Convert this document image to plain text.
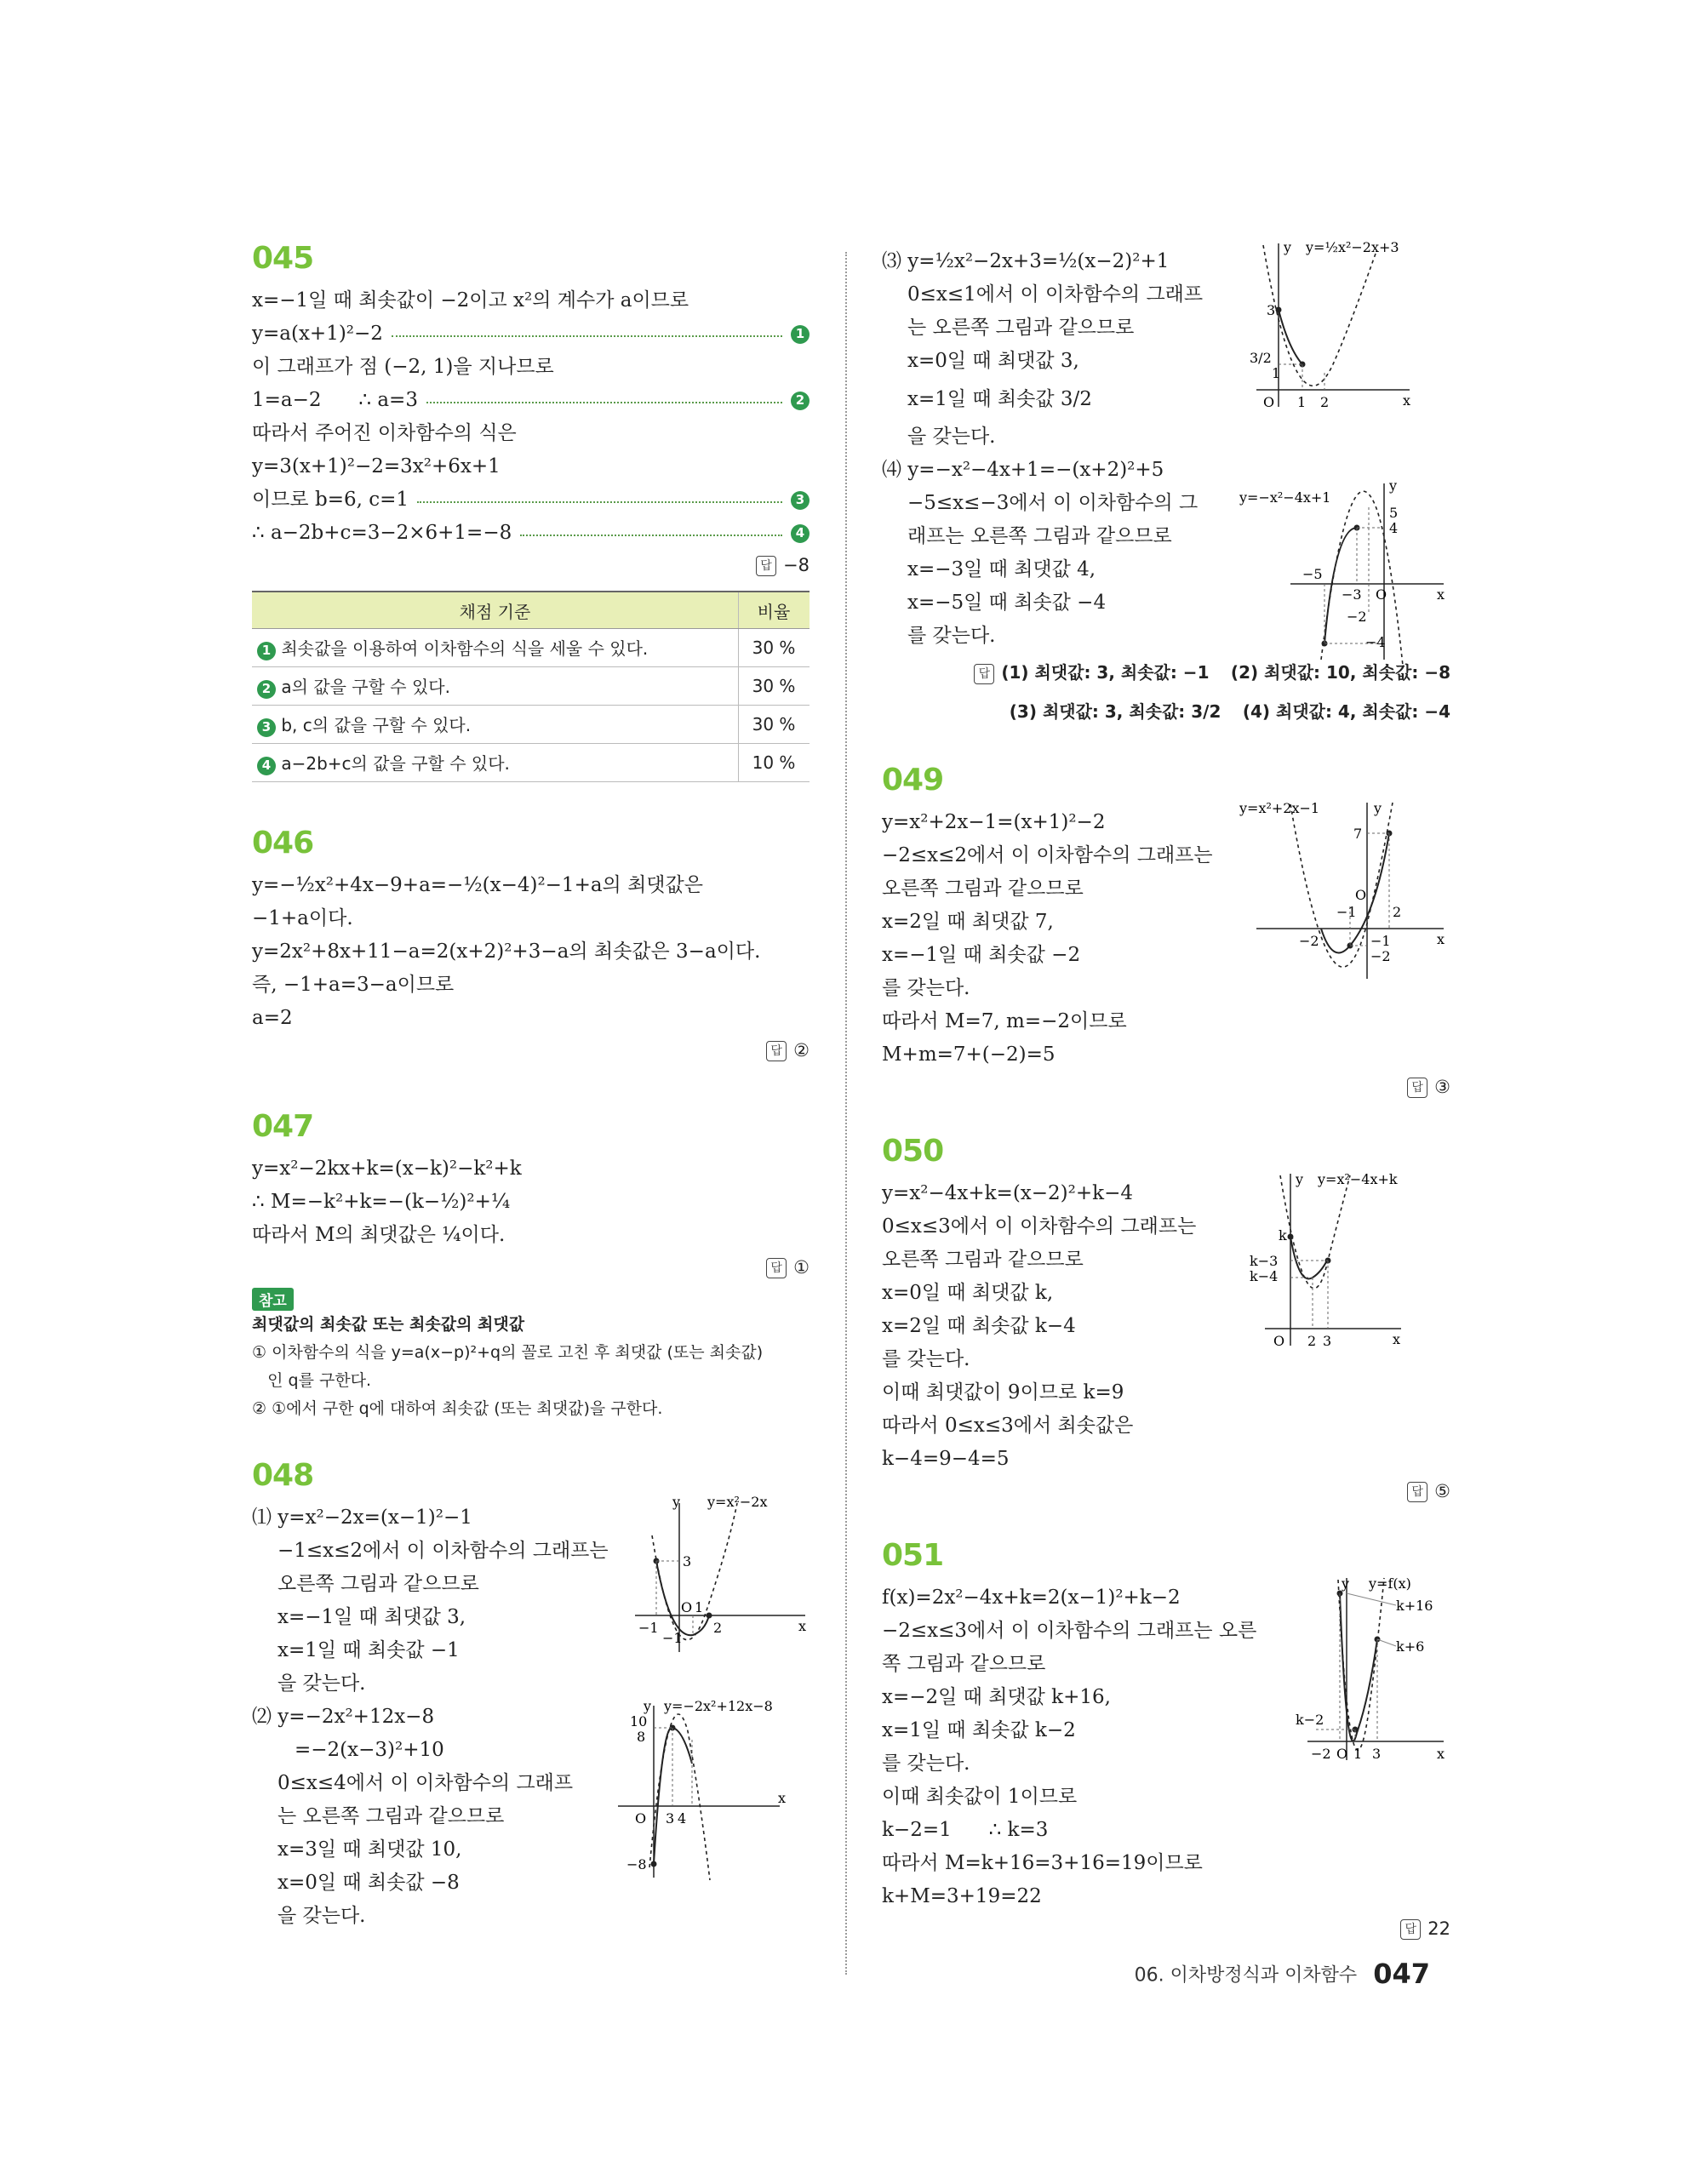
045
x=−1일 때 최솟값이 −2이고 x²의 계수가 a이므로
y=a(x+1)²−2	1
이 그래프가 점 (−2, 1)을 지나므로
1=a−2      ∴ a=3	2
따라서 주어진 이차함수의 식은
y=3(x+1)²−2=3x²+6x+1
이므로 b=6, c=1	3
∴ a−2b+c=3−2×6+1=−8	4
답 −8
채점 기준	비율
1 최솟값을 이용하여 이차함수의 식을 세울 수 있다.	30 %
2 a의 값을 구할 수 있다.	30 %
3 b, c의 값을 구할 수 있다.	30 %
4 a−2b+c의 값을 구할 수 있다.	10 %
046
y=−½x²+4x−9+a=−½(x−4)²−1+a의 최댓값은
−1+a이다.
y=2x²+8x+11−a=2(x+2)²+3−a의 최솟값은 3−a이다.
즉, −1+a=3−a이므로
a=2
답 ②
047
y=x²−2kx+k=(x−k)²−k²+k
∴ M=−k²+k=−(k−½)²+¼
따라서 M의 최댓값은 ¼이다.
답 ①
참고
최댓값의 최솟값 또는 최솟값의 최댓값
① 이차함수의 식을 y=a(x−p)²+q의 꼴로 고친 후 최댓값 (또는 최솟값)
인 q를 구한다.
② ①에서 구한 q에 대하여 최솟값 (또는 최댓값)을 구한다.
048
⑴ y=x²−2x=(x−1)²−1
−1≤x≤2에서 이 이차함수의 그래프는
오른쪽 그림과 같으므로
x=−1일 때 최댓값 3,
x=1일 때 최솟값 −1
을 갖는다.
⑵ y=−2x²+12x−8
=−2(x−3)²+10
0≤x≤4에서 이 이차함수의 그래프
는 오른쪽 그림과 같으므로
x=3일 때 최댓값 10,
x=0일 때 최솟값 −8
을 갖는다.
y y=x²−2x
x
O
3
1
−1
−1
2
y y=−2x²+12x−8
x
O
10
8
−8
3 4
⑶ y=½x²−2x+3=½(x−2)²+1
0≤x≤1에서 이 이차함수의 그래프
는 오른쪽 그림과 같으므로
x=0일 때 최댓값 3,
x=1일 때 최솟값 3/2
을 갖는다.
⑷ y=−x²−4x+1=−(x+2)²+5
−5≤x≤−3에서 이 이차함수의 그
래프는 오른쪽 그림과 같으므로
x=−3일 때 최댓값 4,
x=−5일 때 최솟값 −4
를 갖는다.
답 (1) 최댓값: 3, 최솟값: −1 (2) 최댓값: 10, 최솟값: −8
(3) 최댓값: 3, 최솟값: 3/2 (4) 최댓값: 4, 최솟값: −4
y y=½x²−2x+3
x
O
3
3/2
1
1 2
y
y=−x²−4x+1
x
O
5
4
−5
−3
−2
−4
049
y=x²+2x−1=(x+1)²−2
−2≤x≤2에서 이 이차함수의 그래프는
오른쪽 그림과 같으므로
x=2일 때 최댓값 7,
x=−1일 때 최솟값 −2
를 갖는다.
따라서 M=7, m=−2이므로
M+m=7+(−2)=5
답 ③
y
y=x²+2x−1
x
O
7
−1	2
−2	−1
−2
050
y=x²−4x+k=(x−2)²+k−4
0≤x≤3에서 이 이차함수의 그래프는
오른쪽 그림과 같으므로
x=0일 때 최댓값 k,
x=2일 때 최솟값 k−4
를 갖는다.
이때 최댓값이 9이므로 k=9
따라서 0≤x≤3에서 최솟값은
k−4=9−4=5
답 ⑤
y y=x²−4x+k
x
O
k
k−3
k−4
2 3
051
f(x)=2x²−4x+k=2(x−1)²+k−2
−2≤x≤3에서 이 이차함수의 그래프는 오른
쪽 그림과 같으므로
x=−2일 때 최댓값 k+16,
x=1일 때 최솟값 k−2
를 갖는다.
이때 최솟값이 1이므로
k−2=1      ∴ k=3
따라서 M=k+16=3+16=19이므로
k+M=3+19=22
답 22
y y=f(x)
x
O
k+16
k+6
k−2
−2 1 3
06. 이차방정식과 이차함수 047
